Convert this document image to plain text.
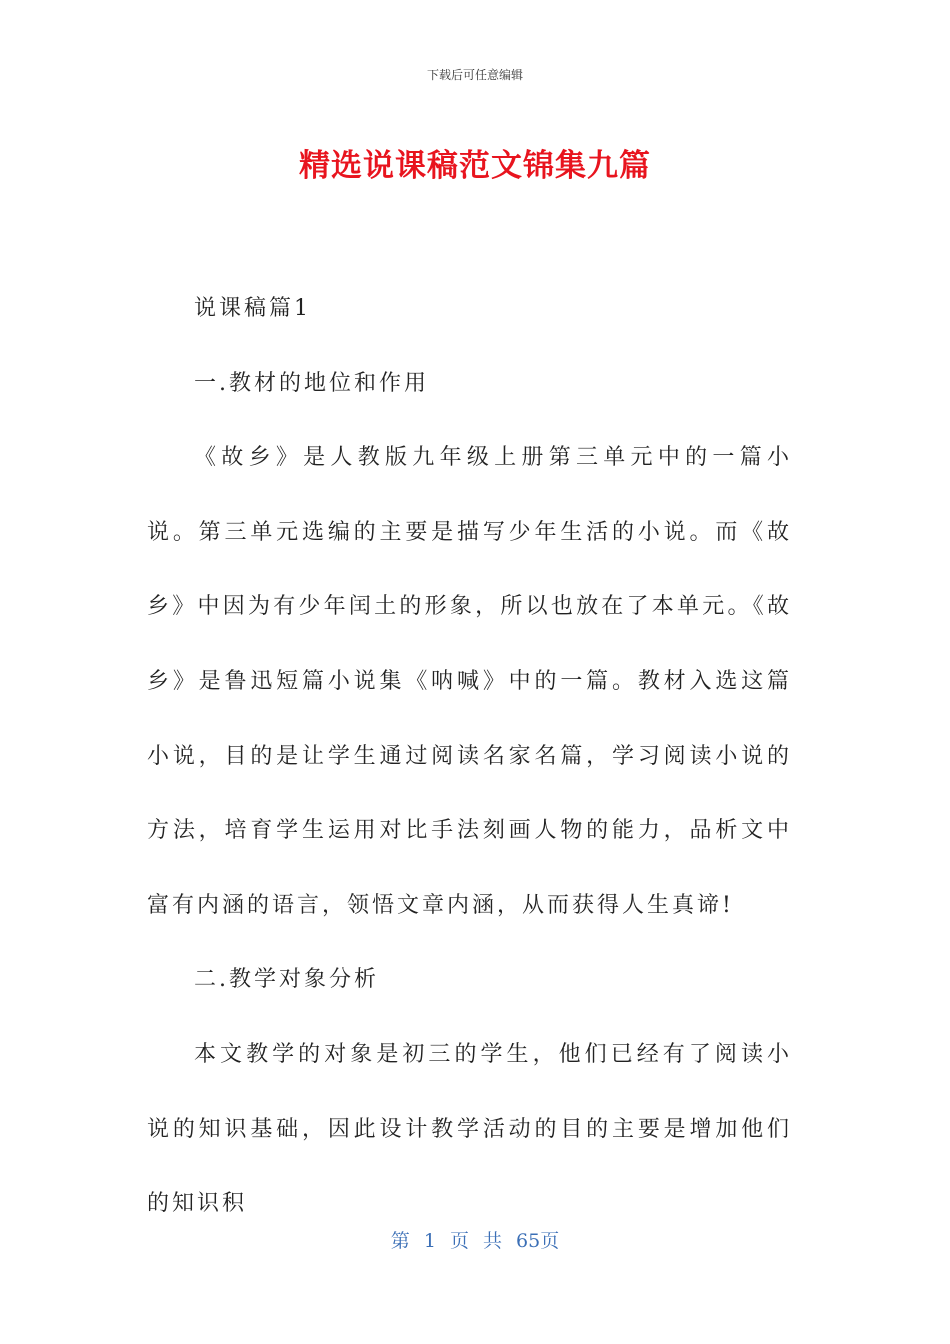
下载后可任意编辑
精选说课稿范文锦集九篇

说课稿篇1

一.教材的地位和作用

《故乡》是人教版九年级上册第三单元中的一篇小说。第三单元选编的主要是描写少年生活的小说。而《故乡》中因为有少年闰土的形象，所以也放在了本单元。《故乡》是鲁迅短篇小说集《呐喊》中的一篇。教材入选这篇小说，目的是让学生通过阅读名家名篇，学习阅读小说的方法，培育学生运用对比手法刻画人物的能力，品析文中富有内涵的语言，领悟文章内涵，从而获得人生真谛!

二.教学对象分析

本文教学的对象是初三的学生，他们已经有了阅读小说的知识基础，因此设计教学活动的目的主要是增加他们的知识积

第 1 页 共 65页
